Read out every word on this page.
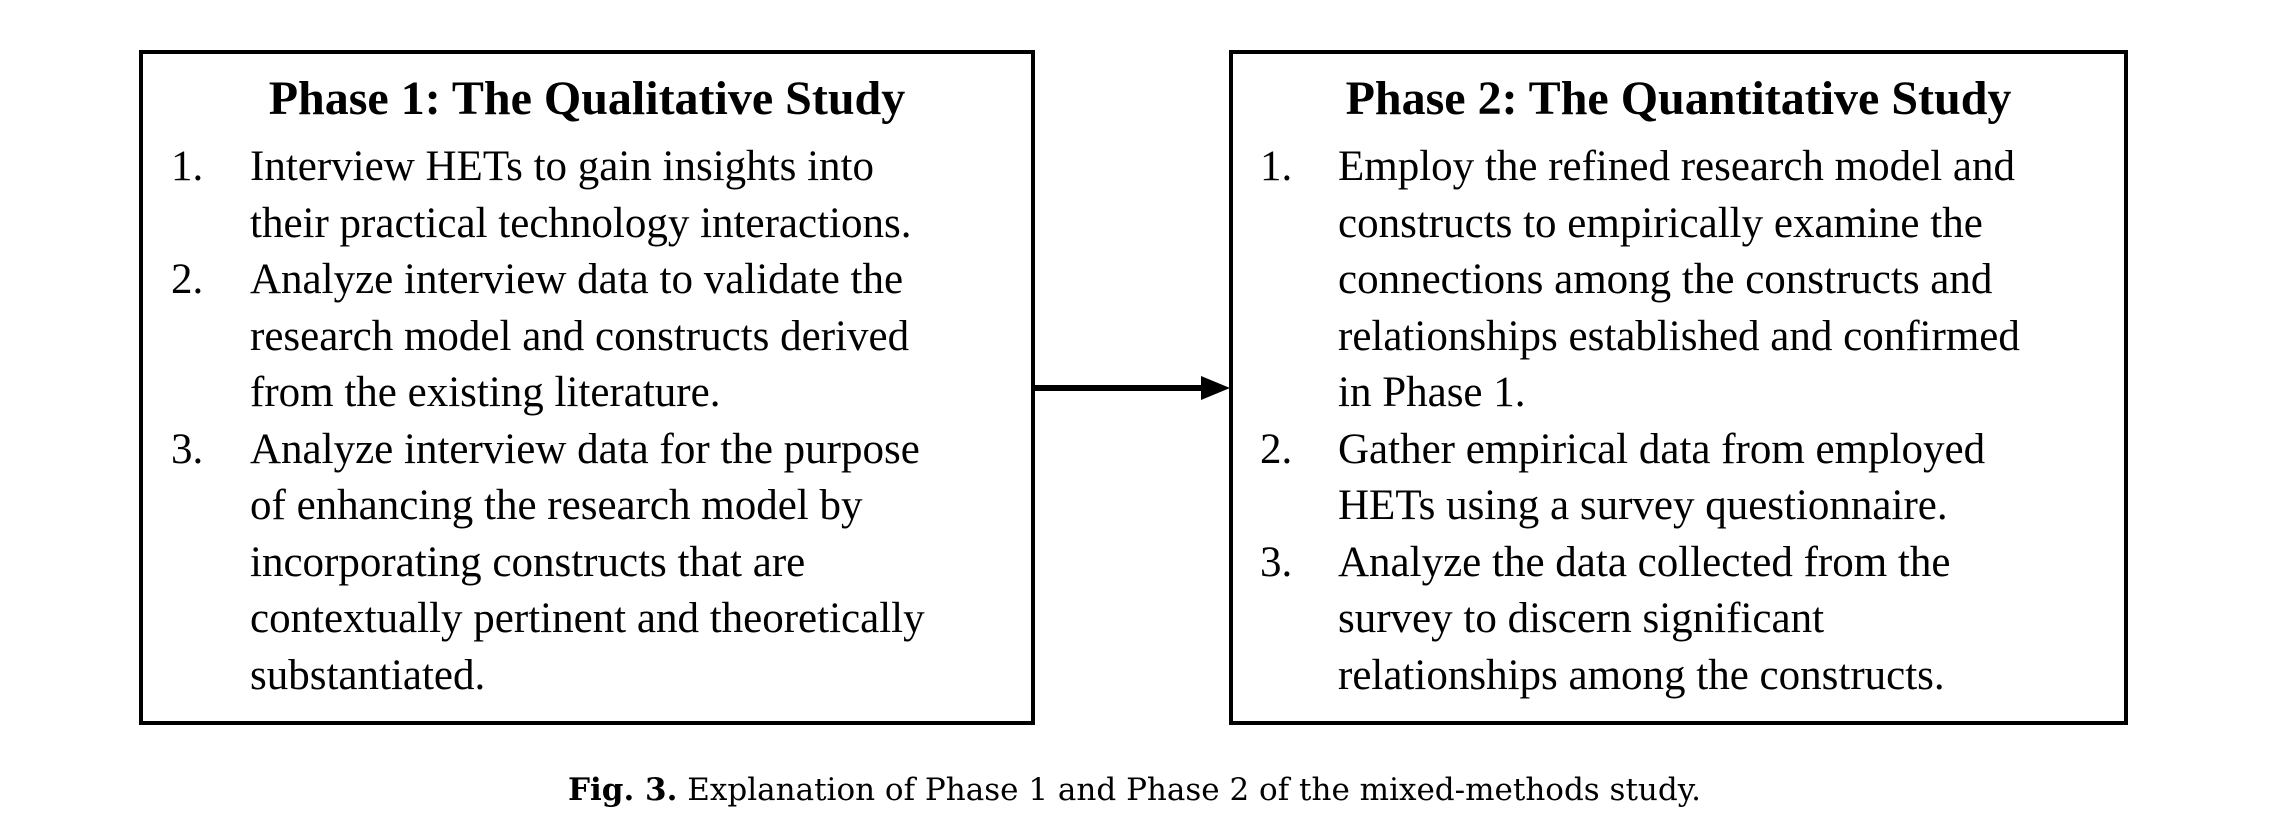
Phase 1: The Qualitative Study
1. Interview HETs to gain insights into
their practical technology interactions.
2. Analyze interview data to validate the
research model and constructs derived
from the existing literature.
3. Analyze interview data for the purpose
of enhancing the research model by
incorporating constructs that are
contextually pertinent and theoretically
substantiated.
Phase 2: The Quantitative Study
1. Employ the refined research model and
constructs to empirically examine the
connections among the constructs and
relationships established and confirmed
in Phase 1.
2. Gather empirical data from employed
HETs using a survey questionnaire.
3. Analyze the data collected from the
survey to discern significant
relationships among the constructs.
Fig. 3. Explanation of Phase 1 and Phase 2 of the mixed-methods study.
